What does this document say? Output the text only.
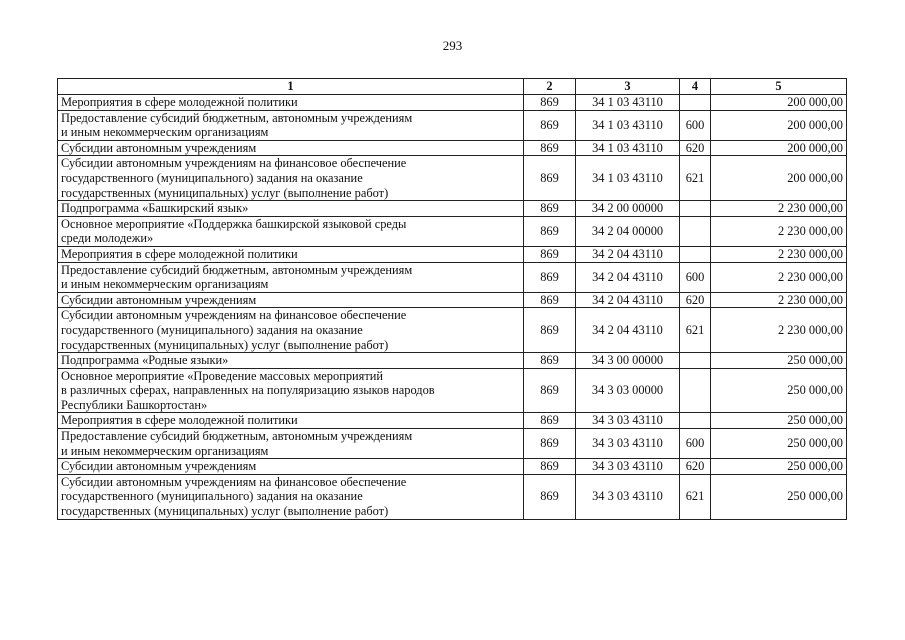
293
1	2	3	4	5

Мероприятия в сфере молодежной политики	869	34 1 03 43110		200 000,00

Предоставление субсидий бюджетным, автономным учреждениям
и иным некоммерческим организациям	869	34 1 03 43110	600	200 000,00

Субсидии автономным учреждениям	869	34 1 03 43110	620	200 000,00

Субсидии автономным учреждениям на финансовое обеспечение
государственного (муниципального) задания на оказание
государственных (муниципальных) услуг (выполнение работ)	869	34 1 03 43110	621	200 000,00

Подпрограмма «Башкирский язык»	869	34 2 00 00000		2 230 000,00

Основное мероприятие «Поддержка башкирской языковой среды
среди молодежи»	869	34 2 04 00000		2 230 000,00

Мероприятия в сфере молодежной политики	869	34 2 04 43110		2 230 000,00

Предоставление субсидий бюджетным, автономным учреждениям
и иным некоммерческим организациям	869	34 2 04 43110	600	2 230 000,00

Субсидии автономным учреждениям	869	34 2 04 43110	620	2 230 000,00

Субсидии автономным учреждениям на финансовое обеспечение
государственного (муниципального) задания на оказание
государственных (муниципальных) услуг (выполнение работ)	869	34 2 04 43110	621	2 230 000,00

Подпрограмма «Родные языки»	869	34 3 00 00000		250 000,00

Основное мероприятие «Проведение массовых мероприятий
в различных сферах, направленных на популяризацию языков народов
Республики Башкортостан»	869	34 3 03 00000		250 000,00

Мероприятия в сфере молодежной политики	869	34 3 03 43110		250 000,00

Предоставление субсидий бюджетным, автономным учреждениям
и иным некоммерческим организациям	869	34 3 03 43110	600	250 000,00

Субсидии автономным учреждениям	869	34 3 03 43110	620	250 000,00

Субсидии автономным учреждениям на финансовое обеспечение
государственного (муниципального) задания на оказание
государственных (муниципальных) услуг (выполнение работ)	869	34 3 03 43110	621	250 000,00
